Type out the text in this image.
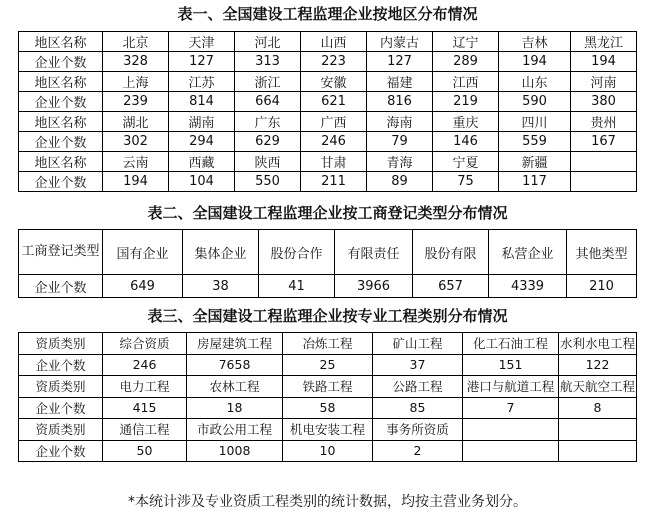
表一、全国建设工程监理企业按地区分布情况
地区名称	北京	天津	河北	山西	内蒙古	辽宁	吉林	黑龙江
企业个数	328	127	313	223	127	289	194	194
地区名称	上海	江苏	浙江	安徽	福建	江西	山东	河南
企业个数	239	814	664	621	816	219	590	380
地区名称	湖北	湖南	广东	广西	海南	重庆	四川	贵州
企业个数	302	294	629	246	79	146	559	167
地区名称	云南	西藏	陕西	甘肃	青海	宁夏	新疆	
企业个数	194	104	550	211	89	75	117	
表二、全国建设工程监理企业按工商登记类型分布情况
工商登记类型	国有企业	集体企业	股份合作	有限责任	股份有限	私营企业	其他类型
企业个数	649	38	41	3966	657	4339	210
表三、全国建设工程监理企业按专业工程类别分布情况
资质类别	综合资质	房屋建筑工程	冶炼工程	矿山工程	化工石油工程	水利水电工程
企业个数	246	7658	25	37	151	122
资质类别	电力工程	农林工程	铁路工程	公路工程	港口与航道工程	航天航空工程
企业个数	415	18	58	85	7	8
资质类别	通信工程	市政公用工程	机电安装工程	事务所资质		
企业个数	50	1008	10	2		
*本统计涉及专业资质工程类别的统计数据，均按主营业务划分。
